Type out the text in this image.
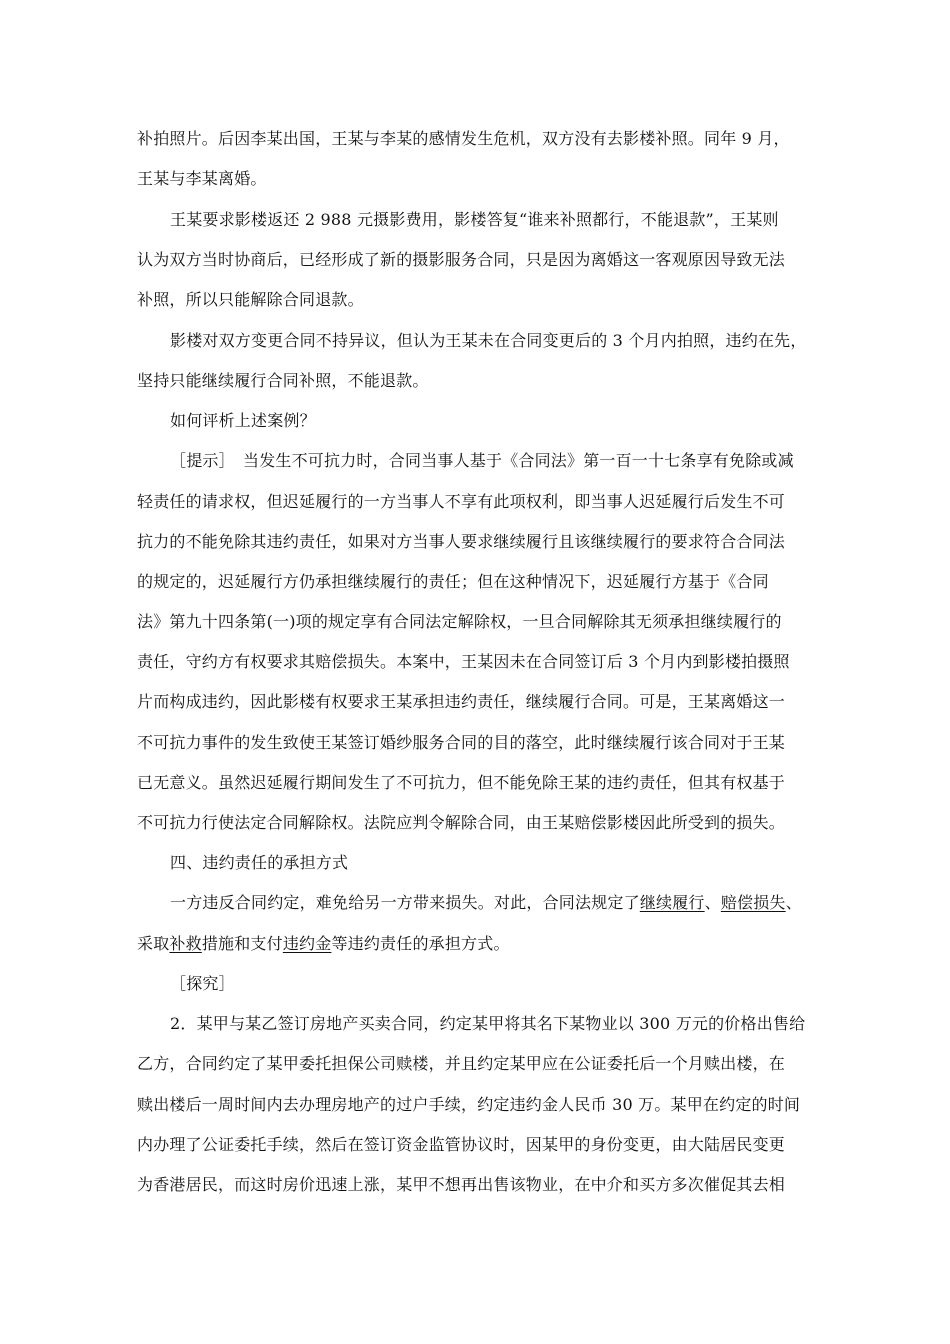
补拍照片。后因李某出国，王某与李某的感情发生危机，双方没有去影楼补照。同年 9 月，
王某与李某离婚。
王某要求影楼返还 2 988 元摄影费用，影楼答复“谁来补照都行，不能退款”，王某则
认为双方当时协商后，已经形成了新的摄影服务合同，只是因为离婚这一客观原因导致无法
补照，所以只能解除合同退款。
影楼对双方变更合同不持异议，但认为王某未在合同变更后的 3 个月内拍照，违约在先，
坚持只能继续履行合同补照，不能退款。
如何评析上述案例？
［提示］　当发生不可抗力时，合同当事人基于《合同法》第一百一十七条享有免除或减
轻责任的请求权，但迟延履行的一方当事人不享有此项权利，即当事人迟延履行后发生不可
抗力的不能免除其违约责任，如果对方当事人要求继续履行且该继续履行的要求符合合同法
的规定的，迟延履行方仍承担继续履行的责任；但在这种情况下，迟延履行方基于《合同
法》第九十四条第(一)项的规定享有合同法定解除权，一旦合同解除其无须承担继续履行的
责任，守约方有权要求其赔偿损失。本案中，王某因未在合同签订后 3 个月内到影楼拍摄照
片而构成违约，因此影楼有权要求王某承担违约责任，继续履行合同。可是，王某离婚这一
不可抗力事件的发生致使王某签订婚纱服务合同的目的落空，此时继续履行该合同对于王某
已无意义。虽然迟延履行期间发生了不可抗力，但不能免除王某的违约责任，但其有权基于
不可抗力行使法定合同解除权。法院应判令解除合同，由王某赔偿影楼因此所受到的损失。
四、违约责任的承担方式
一方违反合同约定，难免给另一方带来损失。对此，合同法规定了继续履行、赔偿损失、
采取补救措施和支付违约金等违约责任的承担方式。
［探究］
2．某甲与某乙签订房地产买卖合同，约定某甲将其名下某物业以 300 万元的价格出售给
乙方，合同约定了某甲委托担保公司赎楼，并且约定某甲应在公证委托后一个月赎出楼，在
赎出楼后一周时间内去办理房地产的过户手续，约定违约金人民币 30 万。某甲在约定的时间
内办理了公证委托手续，然后在签订资金监管协议时，因某甲的身份变更，由大陆居民变更
为香港居民，而这时房价迅速上涨，某甲不想再出售该物业，在中介和买方多次催促其去相
